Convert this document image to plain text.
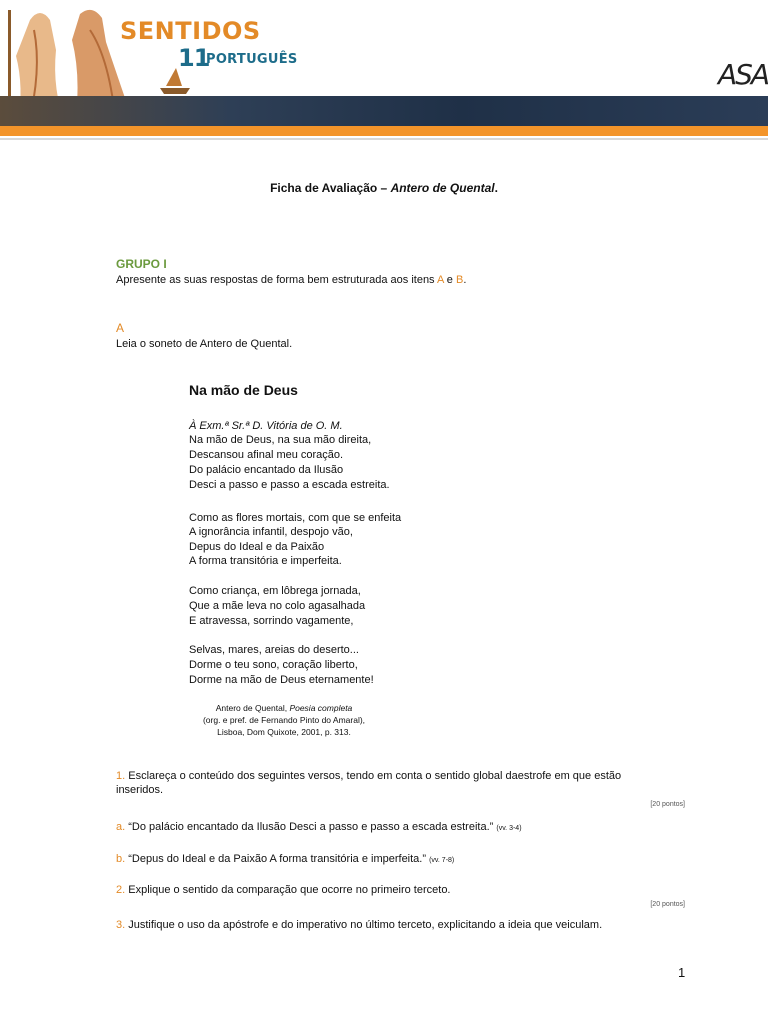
SENTIDOS
11
PORTUGUÊS	ASA
Ficha de Avaliação – Antero de Quental.
GRUPO I
Apresente as suas respostas de forma bem estruturada aos itens A e B.
A
Leia o soneto de Antero de Quental.
Na mão de Deus
À Exm.ª Sr.ª D. Vitória de O. M.
Na mão de Deus, na sua mão direita,
Descansou afinal meu coração.
Do palácio encantado da Ilusão
Desci a passo e passo a escada estreita.
Como as flores mortais, com que se enfeita
A ignorância infantil, despojo vão,
Depus do Ideal e da Paixão
A forma transitória e imperfeita.
Como criança, em lôbrega jornada,
Que a mãe leva no colo agasalhada
E atravessa, sorrindo vagamente,
Selvas, mares, areias do deserto...
Dorme o teu sono, coração liberto,
Dorme na mão de Deus eternamente!
Antero de Quental, Poesia completa
(org. e pref. de Fernando Pinto do Amaral),
Lisboa, Dom Quixote, 2001, p. 313.
1. Esclareça o conteúdo dos seguintes versos, tendo em conta o sentido global daestrofe em que estão
inseridos.
[20 pontos]
a. “Do palácio encantado da Ilusão Desci a passo e passo a escada estreita.” (vv. 3-4)
b. “Depus do Ideal e da Paixão A forma transitória e imperfeita.” (vv. 7-8)
2. Explique o sentido da comparação que ocorre no primeiro terceto.
[20 pontos]
3. Justifique o uso da apóstrofe e do imperativo no último terceto, explicitando a ideia que veiculam.
1
